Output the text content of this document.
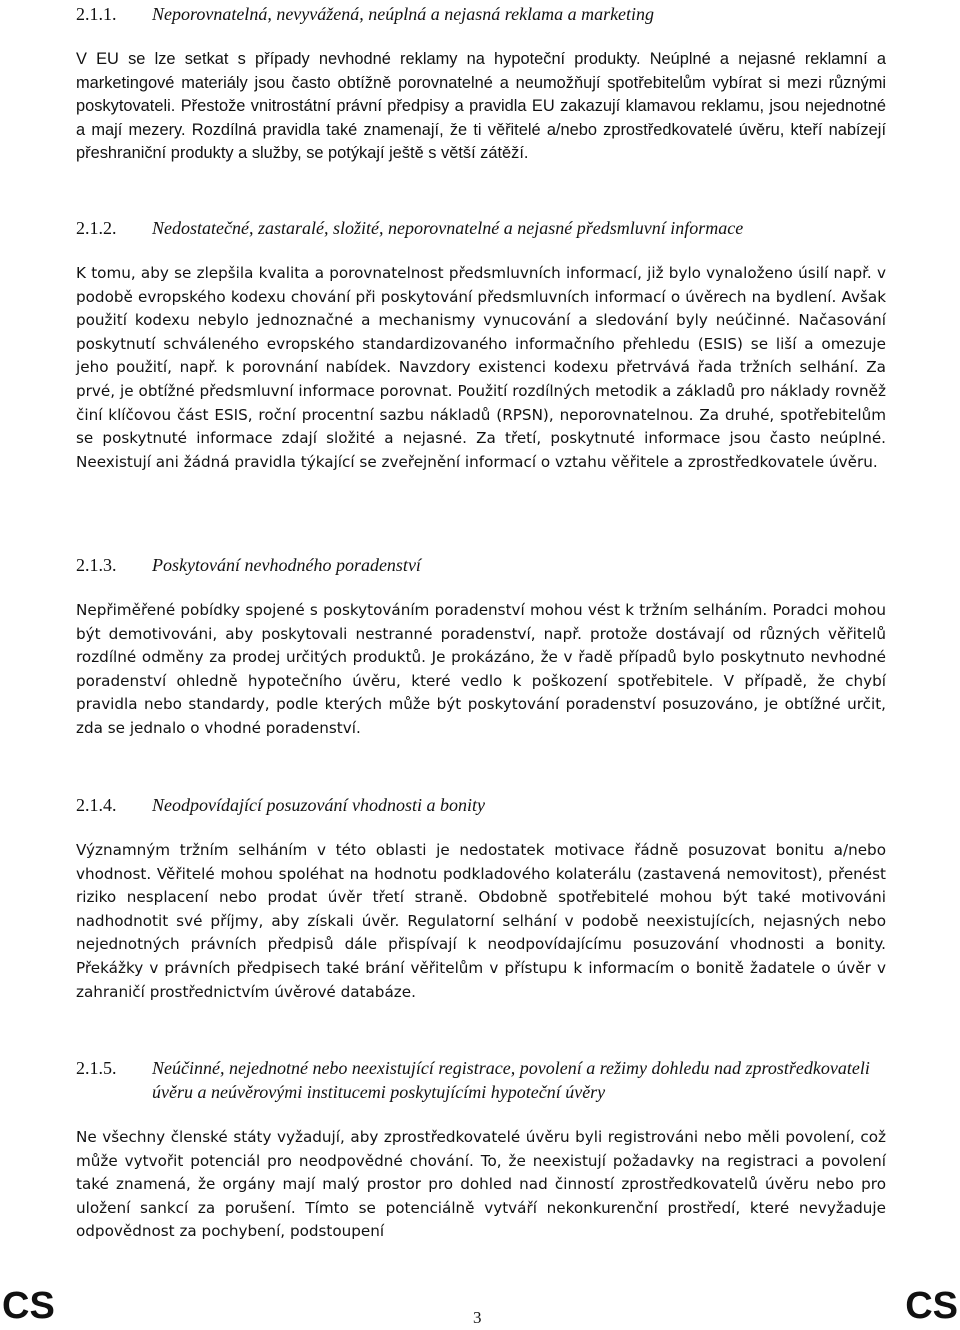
2.1.1.	Neporovnatelná, nevyvážená, neúplná a nejasná reklama a marketing

V EU se lze setkat s případy nevhodné reklamy na hypoteční produkty. Neúplné a nejasné reklamní a marketingové materiály jsou často obtížně porovnatelné a neumožňují spotřebitelům vybírat si mezi různými poskytovateli. Přestože vnitrostátní právní předpisy a pravidla EU zakazují klamavou reklamu, jsou nejednotné a mají mezery. Rozdílná pravidla také znamenají, že ti věřitelé a/nebo zprostředkovatelé úvěru, kteří nabízejí přeshraniční produkty a služby, se potýkají ještě s větší zátěží.

2.1.2.	Nedostatečné, zastaralé, složité, neporovnatelné a nejasné předsmluvní informace

K tomu, aby se zlepšila kvalita a porovnatelnost předsmluvních informací, již bylo vynaloženo úsilí např. v podobě evropského kodexu chování při poskytování předsmluvních informací o úvěrech na bydlení. Avšak použití kodexu nebylo jednoznačné a mechanismy vynucování a sledování byly neúčinné. Načasování poskytnutí schváleného evropského standardizovaného informačního přehledu (ESIS) se liší a omezuje jeho použití, např. k porovnání nabídek. Navzdory existenci kodexu přetrvává řada tržních selhání. Za prvé, je obtížné předsmluvní informace porovnat. Použití rozdílných metodik a základů pro náklady rovněž činí klíčovou část ESIS, roční procentní sazbu nákladů (RPSN), neporovnatelnou. Za druhé, spotřebitelům se poskytnuté informace zdají složité a nejasné. Za třetí, poskytnuté informace jsou často neúplné. Neexistují ani žádná pravidla týkající se zveřejnění informací o vztahu věřitele a zprostředkovatele úvěru.

2.1.3.	Poskytování nevhodného poradenství

Nepřiměřené pobídky spojené s poskytováním poradenství mohou vést k tržním selháním. Poradci mohou být demotivováni, aby poskytovali nestranné poradenství, např. protože dostávají od různých věřitelů rozdílné odměny za prodej určitých produktů. Je prokázáno, že v řadě případů bylo poskytnuto nevhodné poradenství ohledně hypotečního úvěru, které vedlo k poškození spotřebitele. V případě, že chybí pravidla nebo standardy, podle kterých může být poskytování poradenství posuzováno, je obtížné určit, zda se jednalo o vhodné poradenství.

2.1.4.	Neodpovídající posuzování vhodnosti a bonity

Významným tržním selháním v této oblasti je nedostatek motivace řádně posuzovat bonitu a/nebo vhodnost. Věřitelé mohou spoléhat na hodnotu podkladového kolaterálu (zastavená nemovitost), přenést riziko nesplacení nebo prodat úvěr třetí straně. Obdobně spotřebitelé mohou být také motivováni nadhodnotit své příjmy, aby získali úvěr. Regulatorní selhání v podobě neexistujících, nejasných nebo nejednotných právních předpisů dále přispívají k neodpovídajícímu posuzování vhodnosti a bonity. Překážky v právních předpisech také brání věřitelům v přístupu k informacím o bonitě žadatele o úvěr v zahraničí prostřednictvím úvěrové databáze.

2.1.5.	Neúčinné, nejednotné nebo neexistující registrace, povolení a režimy dohledu nad zprostředkovateli úvěru a neúvěrovými institucemi poskytujícími hypoteční úvěry

Ne všechny členské státy vyžadují, aby zprostředkovatelé úvěru byli registrováni nebo měli povolení, což může vytvořit potenciál pro neodpovědné chování. To, že neexistují požadavky na registraci a povolení také znamená, že orgány mají malý prostor pro dohled nad činností zprostředkovatelů úvěru nebo pro uložení sankcí za porušení. Tímto se potenciálně vytváří nekonkurenční prostředí, které nevyžaduje odpovědnost za pochybení, podstoupení

CS	3	CS
